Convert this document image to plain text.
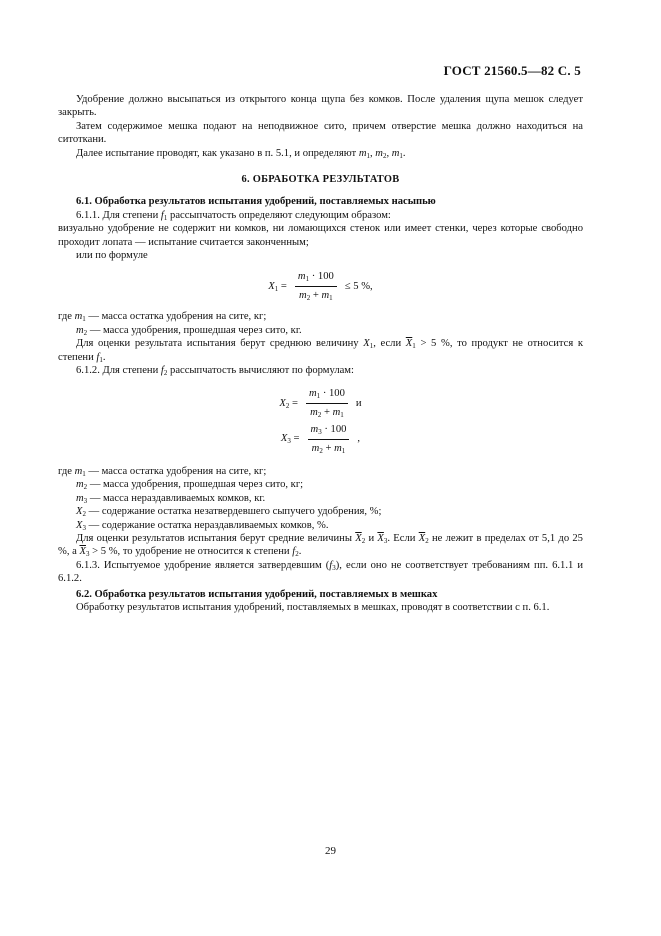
ГОСТ 21560.5—82 С. 5

Удобрение должно высыпаться из открытого конца щупа без комков. После удаления щупа мешок следует закрыть.

Затем содержимое мешка подают на неподвижное сито, причем отверстие мешка должно находиться на ситоткани.

Далее испытание проводят, как указано в п. 5.1, и определяют $m_1$, $m_2$, $m_1$.

6. ОБРАБОТКА РЕЗУЛЬТАТОВ

6.1. Обработка результатов испытания удобрений, поставляемых насыпью

6.1.1. Для степени $f_1$ рассыпчатость определяют следующим образом:

визуально удобрение не содержит ни комков, ни ломающихся стенок или имеет стенки, через которые свободно проходит лопата — испытание считается законченным;

или по формуле

$X_1 = \frac{m_1 \cdot 100}{m_2 + m_1} \le 5$ %,

где $m_1$ — масса остатка удобрения на сите, кг;

$m_2$ — масса удобрения, прошедшая через сито, кг.

Для оценки результата испытания берут среднюю величину $X_1$, если $\overline{X}_1 > 5$ %, то продукт не относится к степени $f_1$.

6.1.2. Для степени $f_2$ рассыпчатость вычисляют по формулам:

$X_2 = \frac{m_1 \cdot 100}{m_2 + m_1}$ и
$X_3 = \frac{m_3 \cdot 100}{m_2 + m_1}$ ,

где $m_1$ — масса остатка удобрения на сите, кг;

$m_2$ — масса удобрения, прошедшая через сито, кг;

$m_3$ — масса нераздавливаемых комков, кг.

$X_2$ — содержание остатка незатвердевшего сыпучего удобрения, %;

$X_3$ — содержание остатка нераздавливаемых комков, %.

Для оценки результатов испытания берут средние величины $\overline{X}_2$ и $\overline{X}_3$. Если $\overline{X}_2$ не лежит в пределах от 5,1 до 25 %, а $\overline{X}_3 > 5$ %, то удобрение не относится к степени $f_2$.

6.1.3. Испытуемое удобрение является затвердевшим $(f_3)$, если оно не соответствует требованиям пп. 6.1.1 и 6.1.2.

6.2. Обработка результатов испытания удобрений, поставляемых в мешках

Обработку результатов испытания удобрений, поставляемых в мешках, проводят в соответствии с п. 6.1.

29
